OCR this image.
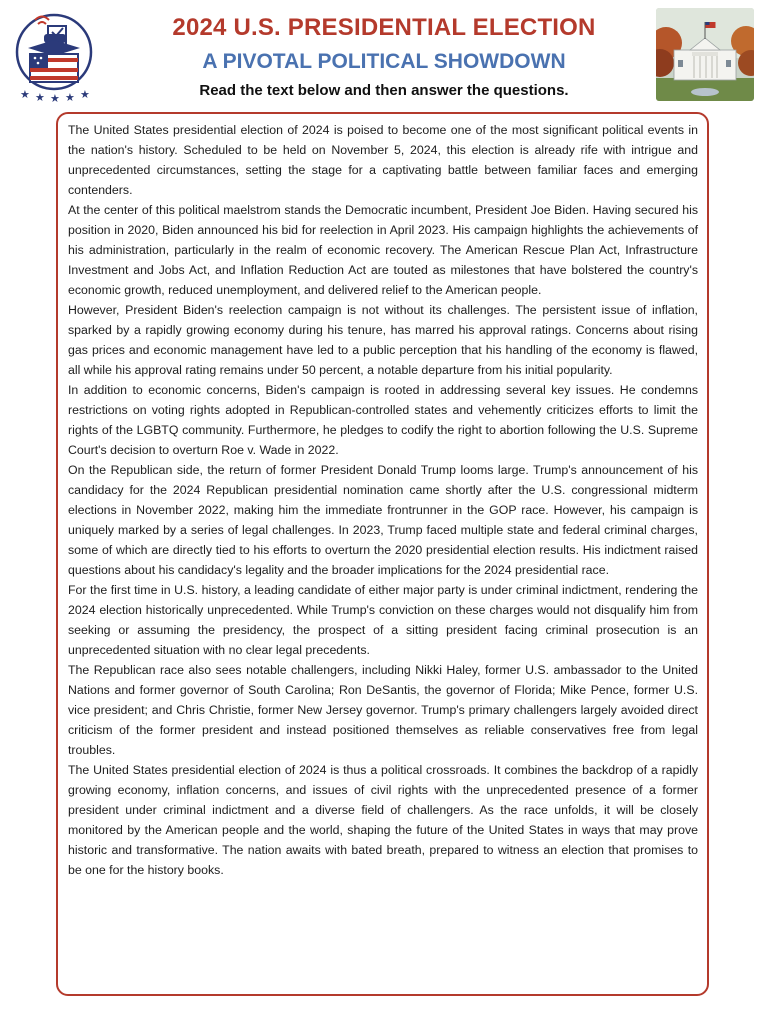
★ ★ ★ ★ ★
2024 U.S. PRESIDENTIAL ELECTION
A PIVOTAL POLITICAL SHOWDOWN

Read the text below and then answer the questions.

The United States presidential election of 2024 is poised to become one of the most significant political events in the nation's history. Scheduled to be held on November 5, 2024, this election is already rife with intrigue and unprecedented circumstances, setting the stage for a captivating battle between familiar faces and emerging contenders.

At the center of this political maelstrom stands the Democratic incumbent, President Joe Biden. Having secured his position in 2020, Biden announced his bid for reelection in April 2023. His campaign highlights the achievements of his administration, particularly in the realm of economic recovery. The American Rescue Plan Act, Infrastructure Investment and Jobs Act, and Inflation Reduction Act are touted as milestones that have bolstered the country's economic growth, reduced unemployment, and delivered relief to the American people.

However, President Biden's reelection campaign is not without its challenges. The persistent issue of inflation, sparked by a rapidly growing economy during his tenure, has marred his approval ratings. Concerns about rising gas prices and economic management have led to a public perception that his handling of the economy is flawed, all while his approval rating remains under 50 percent, a notable departure from his initial popularity.

In addition to economic concerns, Biden's campaign is rooted in addressing several key issues. He condemns restrictions on voting rights adopted in Republican-controlled states and vehemently criticizes efforts to limit the rights of the LGBTQ community. Furthermore, he pledges to codify the right to abortion following the U.S. Supreme Court's decision to overturn Roe v. Wade in 2022.

On the Republican side, the return of former President Donald Trump looms large. Trump's announcement of his candidacy for the 2024 Republican presidential nomination came shortly after the U.S. congressional midterm elections in November 2022, making him the immediate frontrunner in the GOP race. However, his campaign is uniquely marked by a series of legal challenges. In 2023, Trump faced multiple state and federal criminal charges, some of which are directly tied to his efforts to overturn the 2020 presidential election results. His indictment raised questions about his candidacy's legality and the broader implications for the 2024 presidential race.

For the first time in U.S. history, a leading candidate of either major party is under criminal indictment, rendering the 2024 election historically unprecedented. While Trump's conviction on these charges would not disqualify him from seeking or assuming the presidency, the prospect of a sitting president facing criminal prosecution is an unprecedented situation with no clear legal precedents.

The Republican race also sees notable challengers, including Nikki Haley, former U.S. ambassador to the United Nations and former governor of South Carolina; Ron DeSantis, the governor of Florida; Mike Pence, former U.S. vice president; and Chris Christie, former New Jersey governor. Trump's primary challengers largely avoided direct criticism of the former president and instead positioned themselves as reliable conservatives free from legal troubles.

The United States presidential election of 2024 is thus a political crossroads. It combines the backdrop of a rapidly growing economy, inflation concerns, and issues of civil rights with the unprecedented presence of a former president under criminal indictment and a diverse field of challengers. As the race unfolds, it will be closely monitored by the American people and the world, shaping the future of the United States in ways that may prove historic and transformative. The nation awaits with bated breath, prepared to witness an election that promises to be one for the history books.
